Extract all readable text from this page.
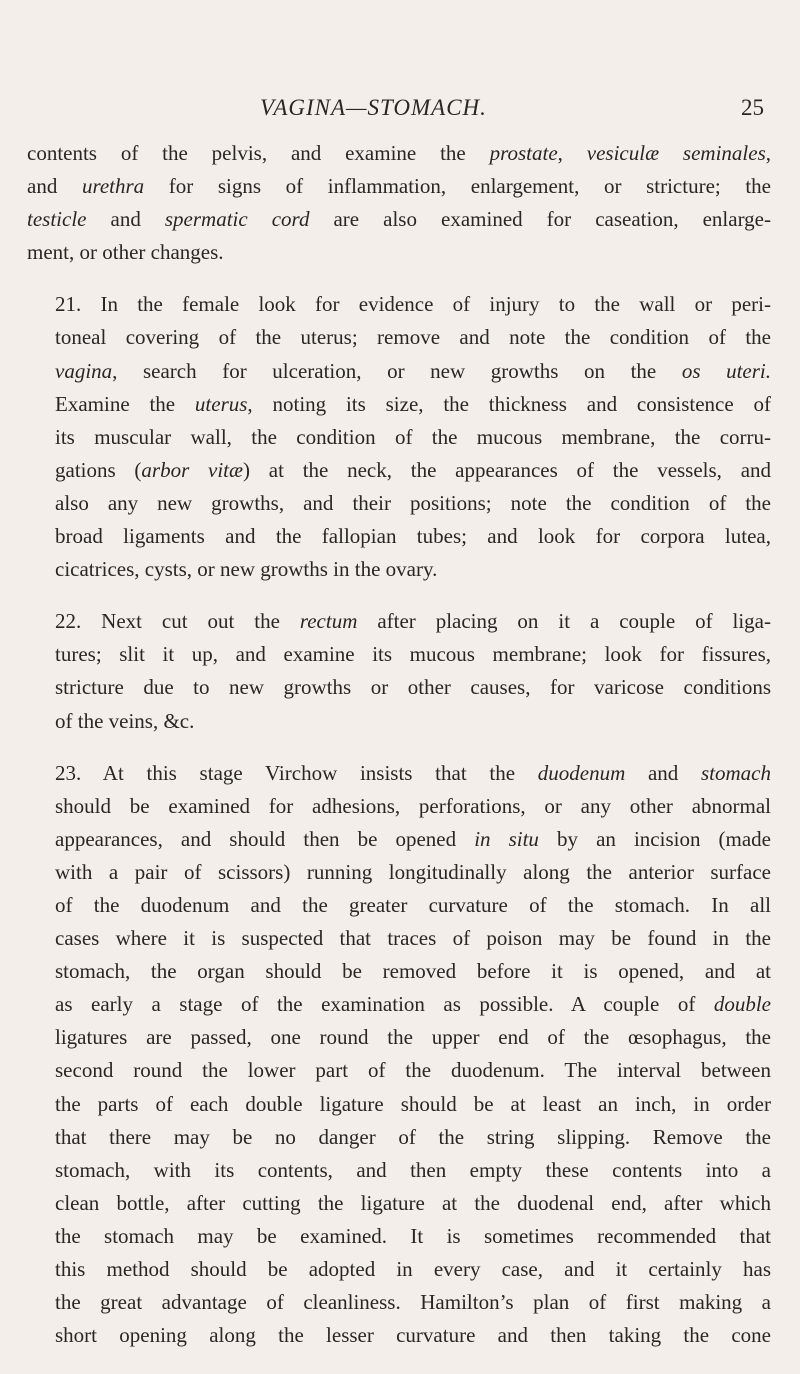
VAGINA—STOMACH.	25

contents of the pelvis, and examine the prostate, vesiculæ seminales,
and urethra for signs of inflammation, enlargement, or stricture; the
testicle and spermatic cord are also examined for caseation, enlarge-
ment, or other changes.

21. In the female look for evidence of injury to the wall or peri-
toneal covering of the uterus; remove and note the condition of the
vagina, search for ulceration, or new growths on the os uteri.
Examine the uterus, noting its size, the thickness and consistence of
its muscular wall, the condition of the mucous membrane, the corru-
gations (arbor vitæ) at the neck, the appearances of the vessels, and
also any new growths, and their positions; note the condition of the
broad ligaments and the fallopian tubes; and look for corpora lutea,
cicatrices, cysts, or new growths in the ovary.

22. Next cut out the rectum after placing on it a couple of liga-
tures; slit it up, and examine its mucous membrane; look for fissures,
stricture due to new growths or other causes, for varicose conditions
of the veins, &c.

23. At this stage Virchow insists that the duodenum and stomach
should be examined for adhesions, perforations, or any other abnormal
appearances, and should then be opened in situ by an incision (made
with a pair of scissors) running longitudinally along the anterior surface
of the duodenum and the greater curvature of the stomach. In all
cases where it is suspected that traces of poison may be found in the
stomach, the organ should be removed before it is opened, and at
as early a stage of the examination as possible. A couple of double
ligatures are passed, one round the upper end of the œsophagus, the
second round the lower part of the duodenum. The interval between
the parts of each double ligature should be at least an inch, in order
that there may be no danger of the string slipping. Remove the
stomach, with its contents, and then empty these contents into a
clean bottle, after cutting the ligature at the duodenal end, after which
the stomach may be examined. It is sometimes recommended that
this method should be adopted in every case, and it certainly has
the great advantage of cleanliness. Hamilton’s plan of first making a
short opening along the lesser curvature and then taking the cone
